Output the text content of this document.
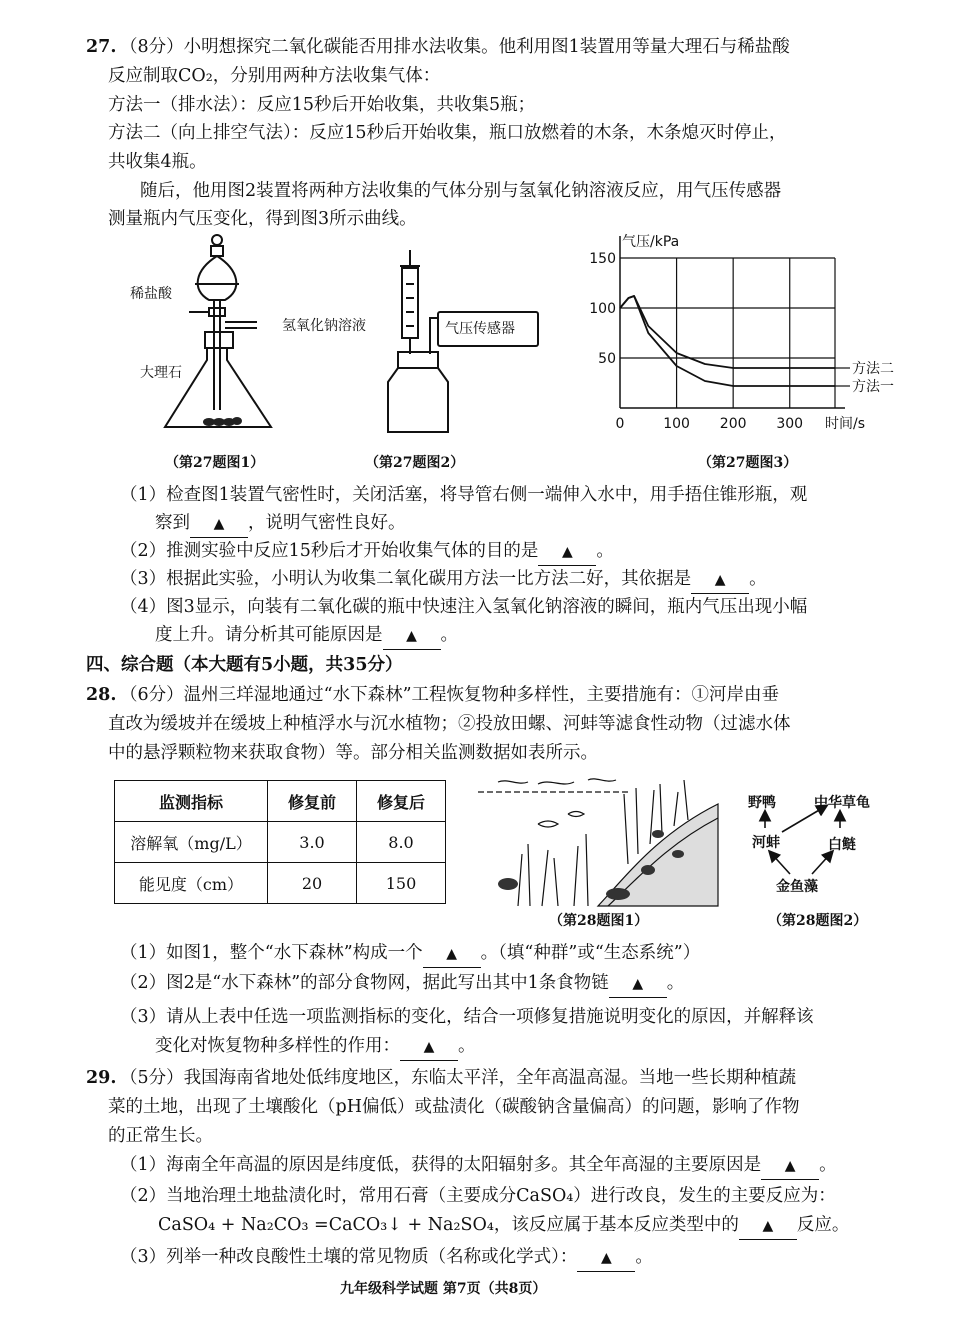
27. （8分）小明想探究二氧化碳能否用排水法收集。他利用图1装置用等量大理石与稀盐酸
反应制取CO₂，分别用两种方法收集气体：
方法一（排水法）：反应15秒后开始收集，共收集5瓶；
方法二（向上排空气法）：反应15秒后开始收集，瓶口放燃着的木条，木条熄灭时停止，
共收集4瓶。
随后，他用图2装置将两种方法收集的气体分别与氢氧化钠溶液反应，用气压传感器
测量瓶内气压变化，得到图3所示曲线。
稀盐酸
大理石
（第27题图1）
氢氧化钠溶液	气压传感器
（第27题图2）
50
100
150
0	100 200 300
气压/kPa
时间/s
方法二
方法一
（第27题图3）
（1）检查图1装置气密性时，关闭活塞，将导管右侧一端伸入水中，用手捂住锥形瓶，观
察到 ▲ ，说明气密性良好。
（2）推测实验中反应15秒后才开始收集气体的目的是 ▲ 。
（3）根据此实验，小明认为收集二氧化碳用方法一比方法二好，其依据是 ▲ 。
（4）图3显示，向装有二氧化碳的瓶中快速注入氢氧化钠溶液的瞬间，瓶内气压出现小幅
度上升。请分析其可能原因是 ▲ 。
四、综合题（本大题有5小题，共35分）
28. （6分）温州三垟湿地通过“水下森林”工程恢复物种多样性，主要措施有：①河岸由垂
直改为缓坡并在缓坡上种植浮水与沉水植物；②投放田螺、河蚌等滤食性动物（过滤水体
中的悬浮颗粒物来获取食物）等。部分相关监测数据如表所示。
监测指标	修复前	修复后
溶解氧（mg/L）	3.0	8.0
能见度（cm）	20	150
（第28题图1）
野鸭	中华草龟
河蚌	白鲢
金鱼藻
（第28题图2）
（1）如图1，整个“水下森林”构成一个 ▲ 。（填“种群”或“生态系统”）
（2）图2是“水下森林”的部分食物网，据此写出其中1条食物链 ▲ 。
（3）请从上表中任选一项监测指标的变化，结合一项修复措施说明变化的原因，并解释该
变化对恢复物种多样性的作用： ▲ 。
29. （5分）我国海南省地处低纬度地区，东临太平洋，全年高温高湿。当地一些长期种植蔬
菜的土地，出现了土壤酸化（pH偏低）或盐渍化（碳酸钠含量偏高）的问题，影响了作物
的正常生长。
（1）海南全年高温的原因是纬度低，获得的太阳辐射多。其全年高湿的主要原因是 ▲ 。
（2）当地治理土地盐渍化时，常用石膏（主要成分CaSO₄）进行改良，发生的主要反应为：
CaSO₄ + Na₂CO₃ =CaCO₃↓ + Na₂SO₄，该反应属于基本反应类型中的 ▲ 反应。
（3）列举一种改良酸性土壤的常见物质（名称或化学式）： ▲ 。
九年级科学试题 第7页（共8页）
